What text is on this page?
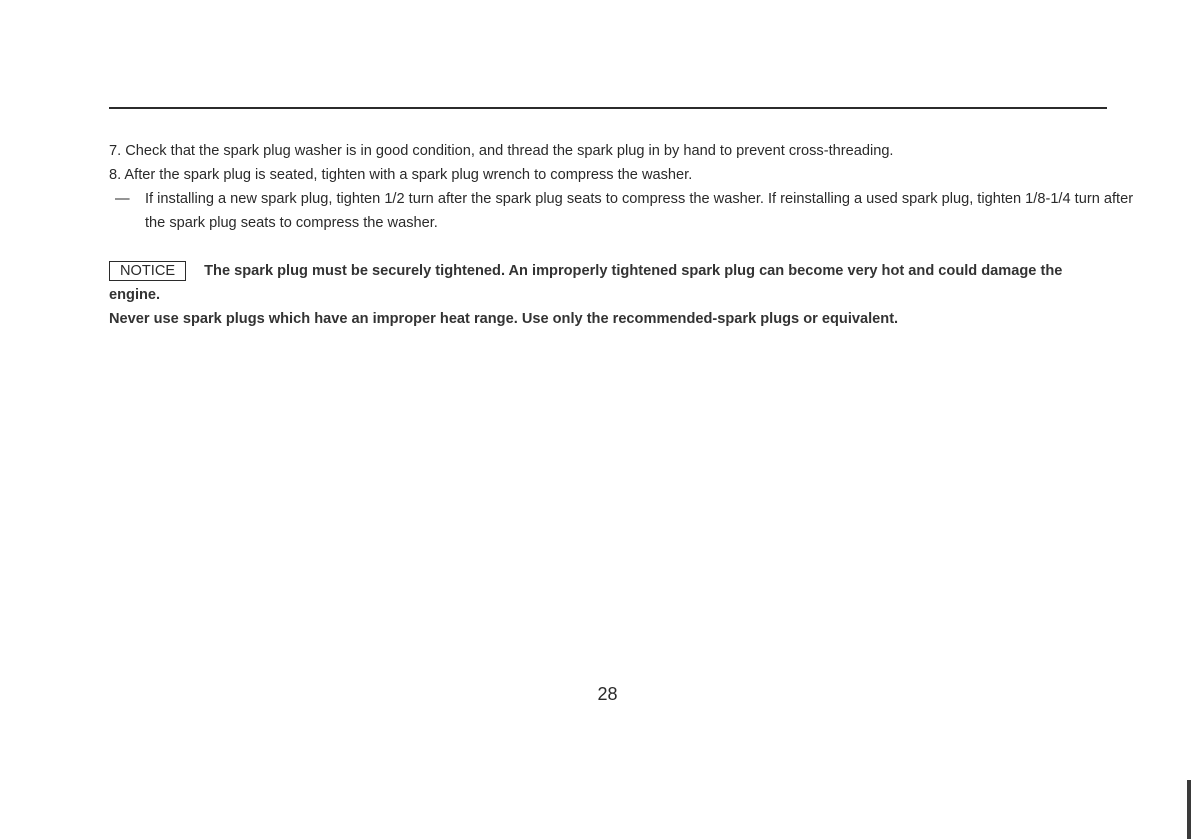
7. Check that the spark plug washer is in good condition, and thread the spark plug in by hand to prevent cross-threading.

8. After the spark plug is seated, tighten with a spark plug wrench to compress the washer.

— If installing a new spark plug, tighten 1/2 turn after the spark plug seats to compress the washer. If reinstalling a used spark plug, tighten 1/8-1/4 turn after the spark plug seats to compress the washer.

NOTICE The spark plug must be securely tightened. An improperly tightened spark plug can become very hot and could damage the engine.

Never use spark plugs which have an improper heat range. Use only the recommended-spark plugs or equivalent.

28
